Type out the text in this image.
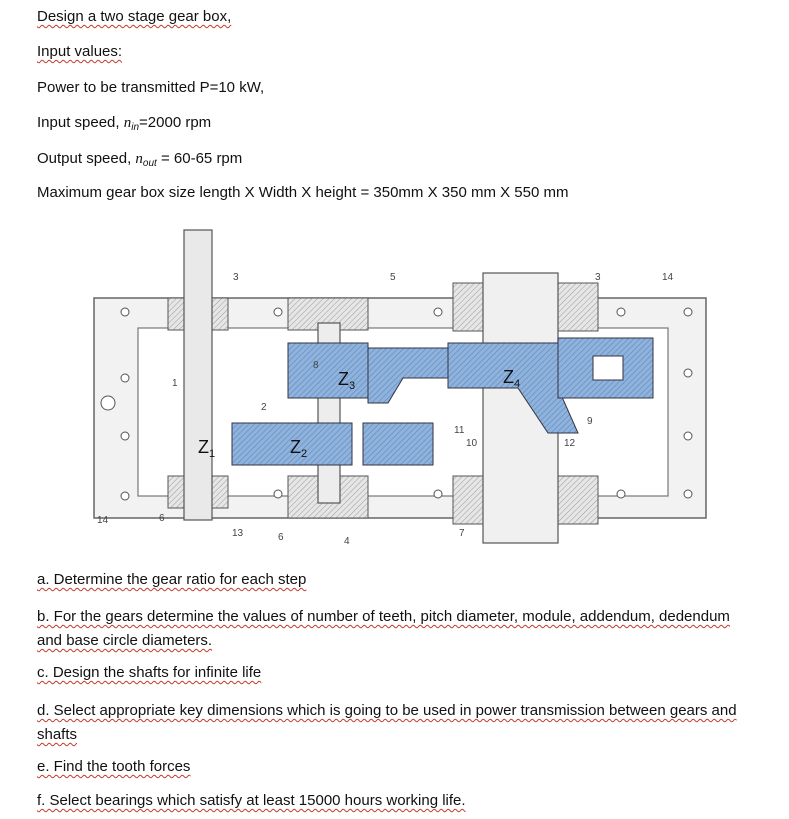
Design a two stage gear box,
Input values:
Power to be transmitted P=10 kW,
Input speed, $n_{in}=2000$ rpm
Output speed, $n_{out} = 60-65$ rpm
Maximum gear box size length X Width X height = 350mm X 350 mm X 550 mm
$Z_1$	$Z_2$
$Z_3$	$Z_4$
1
2
3	3
4
5
6
6	7
8
9
10
11
12
13
14
14
a. Determine the gear ratio for each step
b. For the gears determine the values of number of teeth, pitch diameter, module, addendum, dedendum and base circle diameters.
c. Design the shafts for infinite life
d. Select appropriate key dimensions which is going to be used in power transmission between gears and shafts
e. Find the tooth forces
f. Select bearings which satisfy at least 15000 hours working life.
